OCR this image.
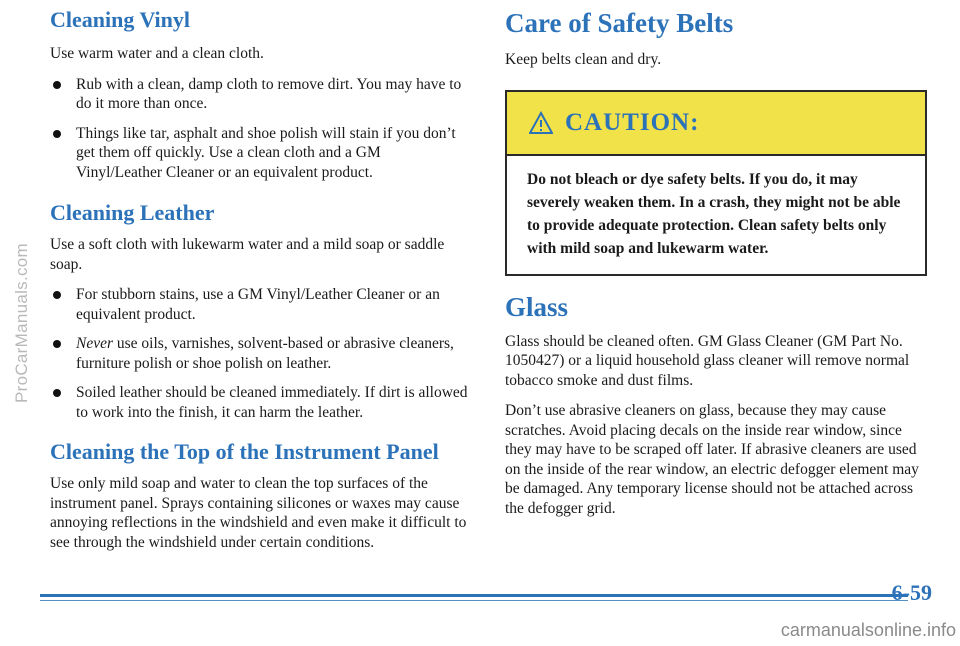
ProCarManuals.com
Cleaning Vinyl

Use warm water and a clean cloth.

Rub with a clean, damp cloth to remove dirt. You may have to do it more than once.
Things like tar, asphalt and shoe polish will stain if you don’t get them off quickly. Use a clean cloth and a GM Vinyl/Leather Cleaner or an equivalent product.
Cleaning Leather

Use a soft cloth with lukewarm water and a mild soap or saddle soap.

For stubborn stains, use a GM Vinyl/Leather Cleaner or an equivalent product.
Never use oils, varnishes, solvent-based or abrasive cleaners, furniture polish or shoe polish on leather.
Soiled leather should be cleaned immediately. If dirt is allowed to work into the finish, it can harm the leather.
Cleaning the Top of the Instrument Panel

Use only mild soap and water to clean the top surfaces of the instrument panel. Sprays containing silicones or waxes may cause annoying reflections in the windshield and even make it difficult to see through the windshield under certain conditions.

Care of Safety Belts

Keep belts clean and dry.

CAUTION:

Do not bleach or dye safety belts. If you do, it may severely weaken them. In a crash, they might not be able to provide adequate protection. Clean safety belts only with mild soap and lukewarm water.

Glass

Glass should be cleaned often. GM Glass Cleaner (GM Part No. 1050427) or a liquid household glass cleaner will remove normal tobacco smoke and dust films.

Don’t use abrasive cleaners on glass, because they may cause scratches. Avoid placing decals on the inside rear window, since they may have to be scraped off later. If abrasive cleaners are used on the inside of the rear window, an electric defogger element may be damaged. Any temporary license should not be attached across the defogger grid.

6-59
carmanualsonline.info
